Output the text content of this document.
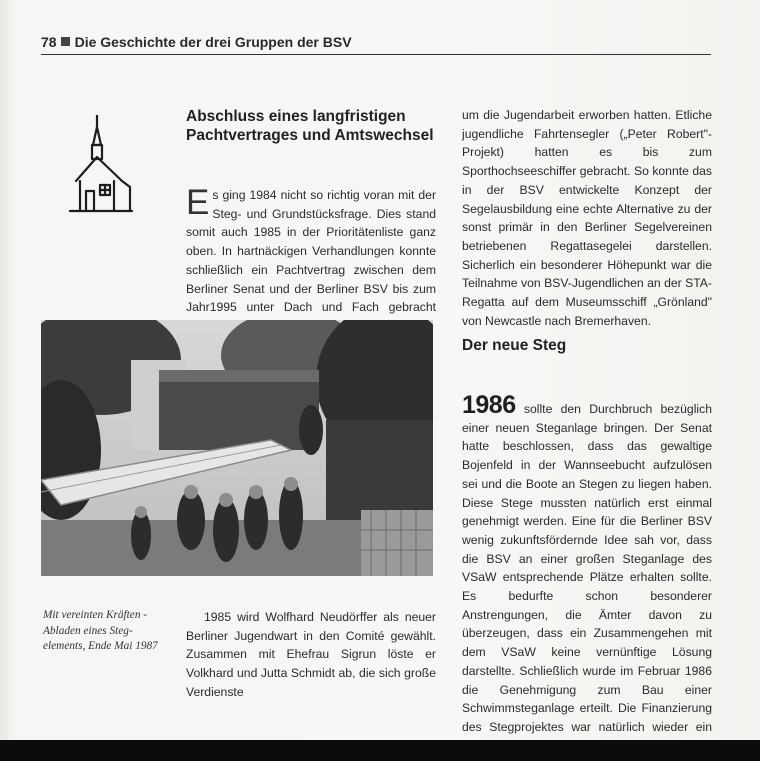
78 Die Geschichte der drei Gruppen der BSV
Abschluss eines langfristigen Pachtvertrages und Amtswechsel

Es ging 1984 nicht so richtig voran mit der Steg- und Grundstücksfrage. Dies stand somit auch 1985 in der Prioritätenliste ganz oben. In hartnäckigen Verhandlungen konnte schließlich ein Pachtvertrag zwischen dem Berliner Senat und der Berliner BSV bis zum Jahr1995 unter Dach und Fach gebracht

Mit vereinten Kräften - Abladen eines Steg-elements, Ende Mai 1987

1985 wird Wolfhard Neudörffer als neuer Berliner Jugendwart in den Comité gewählt. Zusammen mit Ehefrau Sigrun löste er Volkhard und Jutta Schmidt ab, die sich große Verdienste

um die Jugendarbeit erworben hatten. Etliche jugendliche Fahrtensegler („Peter Robert"-Projekt) hatten es bis zum Sporthochseeschiffer gebracht. So konnte das in der BSV entwickelte Konzept der Segelausbildung eine echte Alternative zu der sonst primär in den Berliner Segelvereinen betriebenen Regattasegelei darstellen. Sicherlich ein besonderer Höhepunkt war die Teilnahme von BSV-Jugendlichen an der STA-Regatta auf dem Museumsschiff „Grönland" von Newcastle nach Bremerhaven.

Der neue Steg

1986 sollte den Durchbruch bezüglich einer neuen Steganlage bringen. Der Senat hatte beschlossen, dass das gewaltige Bojenfeld in der Wannseebucht aufzulösen sei und die Boote an Stegen zu liegen haben. Diese Stege mussten natürlich erst einmal genehmigt werden. Eine für die Berliner BSV wenig zukunftsfördernde Idee sah vor, dass die BSV an einer großen Steganlage des VSaW entsprechende Plätze erhalten sollte. Es bedurfte schon besonderer Anstrengungen, die Ämter davon zu überzeugen, dass ein Zusammengehen mit dem VSaW keine vernünftige Lösung darstellte. Schließlich wurde im Februar 1986 die Genehmigung zum Bau einer Schwimmsteganlage erteilt. Die Finanzierung des Stegprojektes war natürlich wieder ein
